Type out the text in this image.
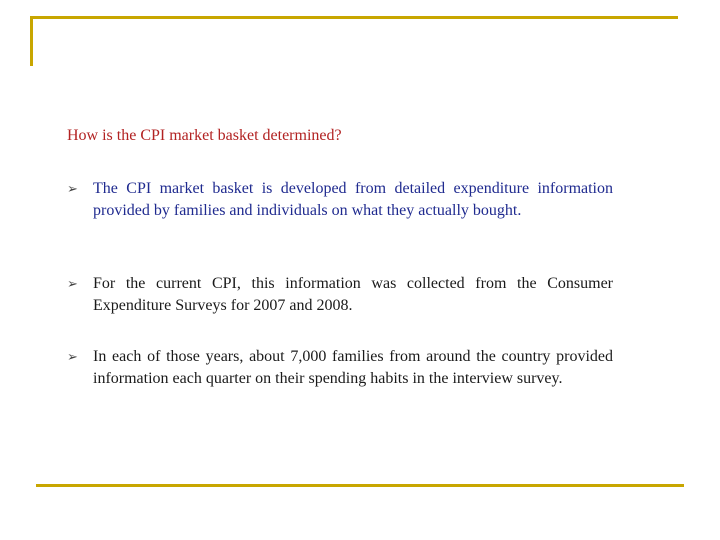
How is the CPI market basket determined?
➢ The CPI market basket is developed from detailed expenditure information provided by families and individuals on what they actually bought.
➢ For the current CPI, this information was collected from the Consumer Expenditure Surveys for 2007 and 2008.
➢ In each of those years, about 7,000 families from around the country provided information each quarter on their spending habits in the interview survey.
